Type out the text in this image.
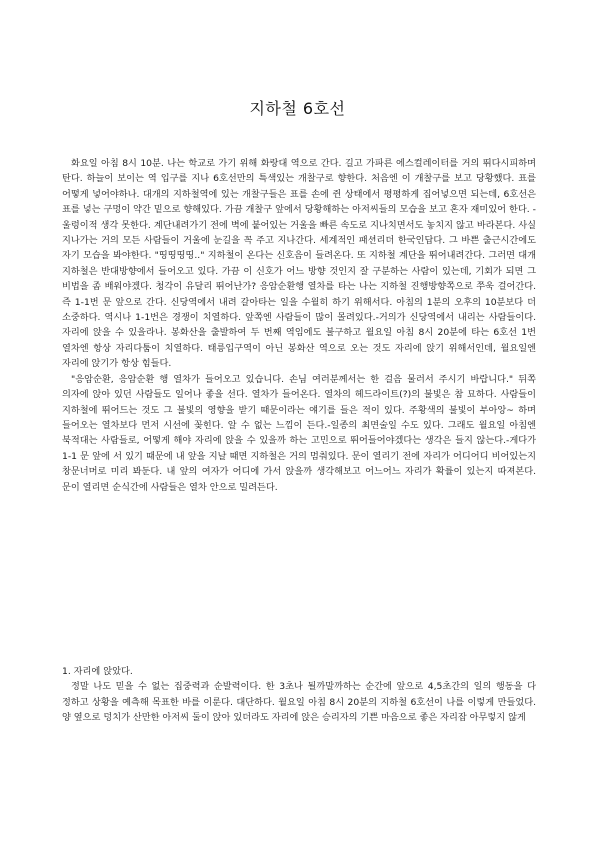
지하철 6호선

화요일 아침 8시 10분. 나는 학교로 가기 위해 화랑대 역으로 간다. 길고 가파른 에스컬레이터를 거의 뛰다시피하며 탄다. 하늘이 보이는 역 입구를 지나 6호선만의 특색있는 개찰구로 향한다. 처음엔 이 개찰구를 보고 당황했다. 표를 어떻게 넣어야하나. 대개의 지하철역에 있는 개찰구들은 표를 손에 쥔 상태에서 평평하게 집어넣으면 되는데, 6호선은 표를 넣는 구멍이 약간 밑으로 향해있다. 가끔 개찰구 앞에서 당황해하는 아저씨들의 모습을 보고 혼자 재미있어 한다. - 울렁이적 생각 못한다. 계단내려가기 전에 벽에 붙어있는 거울을 빠른 속도로 지나치면서도 놓치지 않고 바라본다. 사실 지나가는 거의 모든 사람들이 거울에 눈길을 꼭 주고 지나간다. 세계적인 패션리더 한국인답다. 그 바쁜 출근시간에도 자기 모습을 봐야한다. "띵띵띵띵.." 지하철이 온다는 신호음이 들려온다. 또 지하철 계단을 뛰어내려간다. 그러면 대개 지하철은 반대방향에서 들어오고 있다. 가끔 이 신호가 어느 방향 것인지 잘 구분하는 사람이 있는데, 기회가 되면 그 비법을 좀 배워야겠다. 청각이 유달리 뛰어난가? 응암순환행 열차를 타는 나는 지하철 진행방향쪽으로 쭈욱 걸어간다. 즉 1-1번 문 앞으로 간다. 신당역에서 내려 갈아타는 일을 수월히 하기 위해서다. 아침의 1분의 오후의 10분보다 더 소중하다. 역시나 1-1번은 경쟁이 치열하다. 앞쪽엔 사람들이 많이 몰려있다.-거의가 신당역에서 내리는 사람들이다. 자리에 앉을 수 있을라나. 봉화산을 출발하여 두 번째 역임에도 불구하고 월요일 아침 8시 20분에 타는 6호선 1번 열차엔 항상 자리다툼이 치열하다. 태릉입구역이 아닌 봉화산 역으로 오는 것도 자리에 앉기 위해서인데, 월요일엔 자리에 앉기가 항상 힘들다.

"응암순환, 응암순환 행 열차가 들어오고 있습니다. 손님 여러분께서는 한 걸음 물러서 주시기 바랍니다." 뒤쪽 의자에 앉아 있던 사람들도 일어나 좋을 선다. 열차가 들어온다. 열차의 헤드라이트(?)의 불빛은 참 묘하다. 사람들이 지하철에 뛰어드는 것도 그 불빛의 영향을 받기 때문이라는 얘기를 들은 적이 있다. 주황색의 불빛이 부아앙~ 하며 들어오는 열차보다 먼저 시선에 꽂힌다. 알 수 없는 느낌이 든다.-일종의 최면술일 수도 있다. 그래도 월요일 아침엔 북적대는 사람들로, 어떻게 해야 자리에 앉을 수 있을까 하는 고민으로 뛰어들어야겠다는 생각은 들지 않는다.-게다가 1-1 문 앞에 서 있기 때문에 내 앞을 지날 때면 지하철은 거의 멈춰있다. 문이 열리기 전에 자리가 어디어디 비어있는지 창문너머로 미리 봐둔다. 내 앞의 여자가 어디에 가서 앉을까 생각해보고 어느어느 자리가 확률이 있는지 따져본다. 문이 열리면 순식간에 사람들은 열차 안으로 밀려든다.

1. 자리에 앉았다.

정말 나도 믿을 수 없는 집중력과 순발력이다. 한 3초나 될까말까하는 순간에 앞으로 4,5초간의 일의 행동을 다 정하고 상황을 예측해 목표한 바를 이룬다. 대단하다. 월요일 아침 8시 20분의 지하철 6호선이 나를 이렇게 만들었다. 양 옆으로 덩치가 산만한 아저씨 둘이 앉아 있더라도 자리에 앉은 승리자의 기쁜 마음으로 좋은 자리잡 아무렇지 않게
